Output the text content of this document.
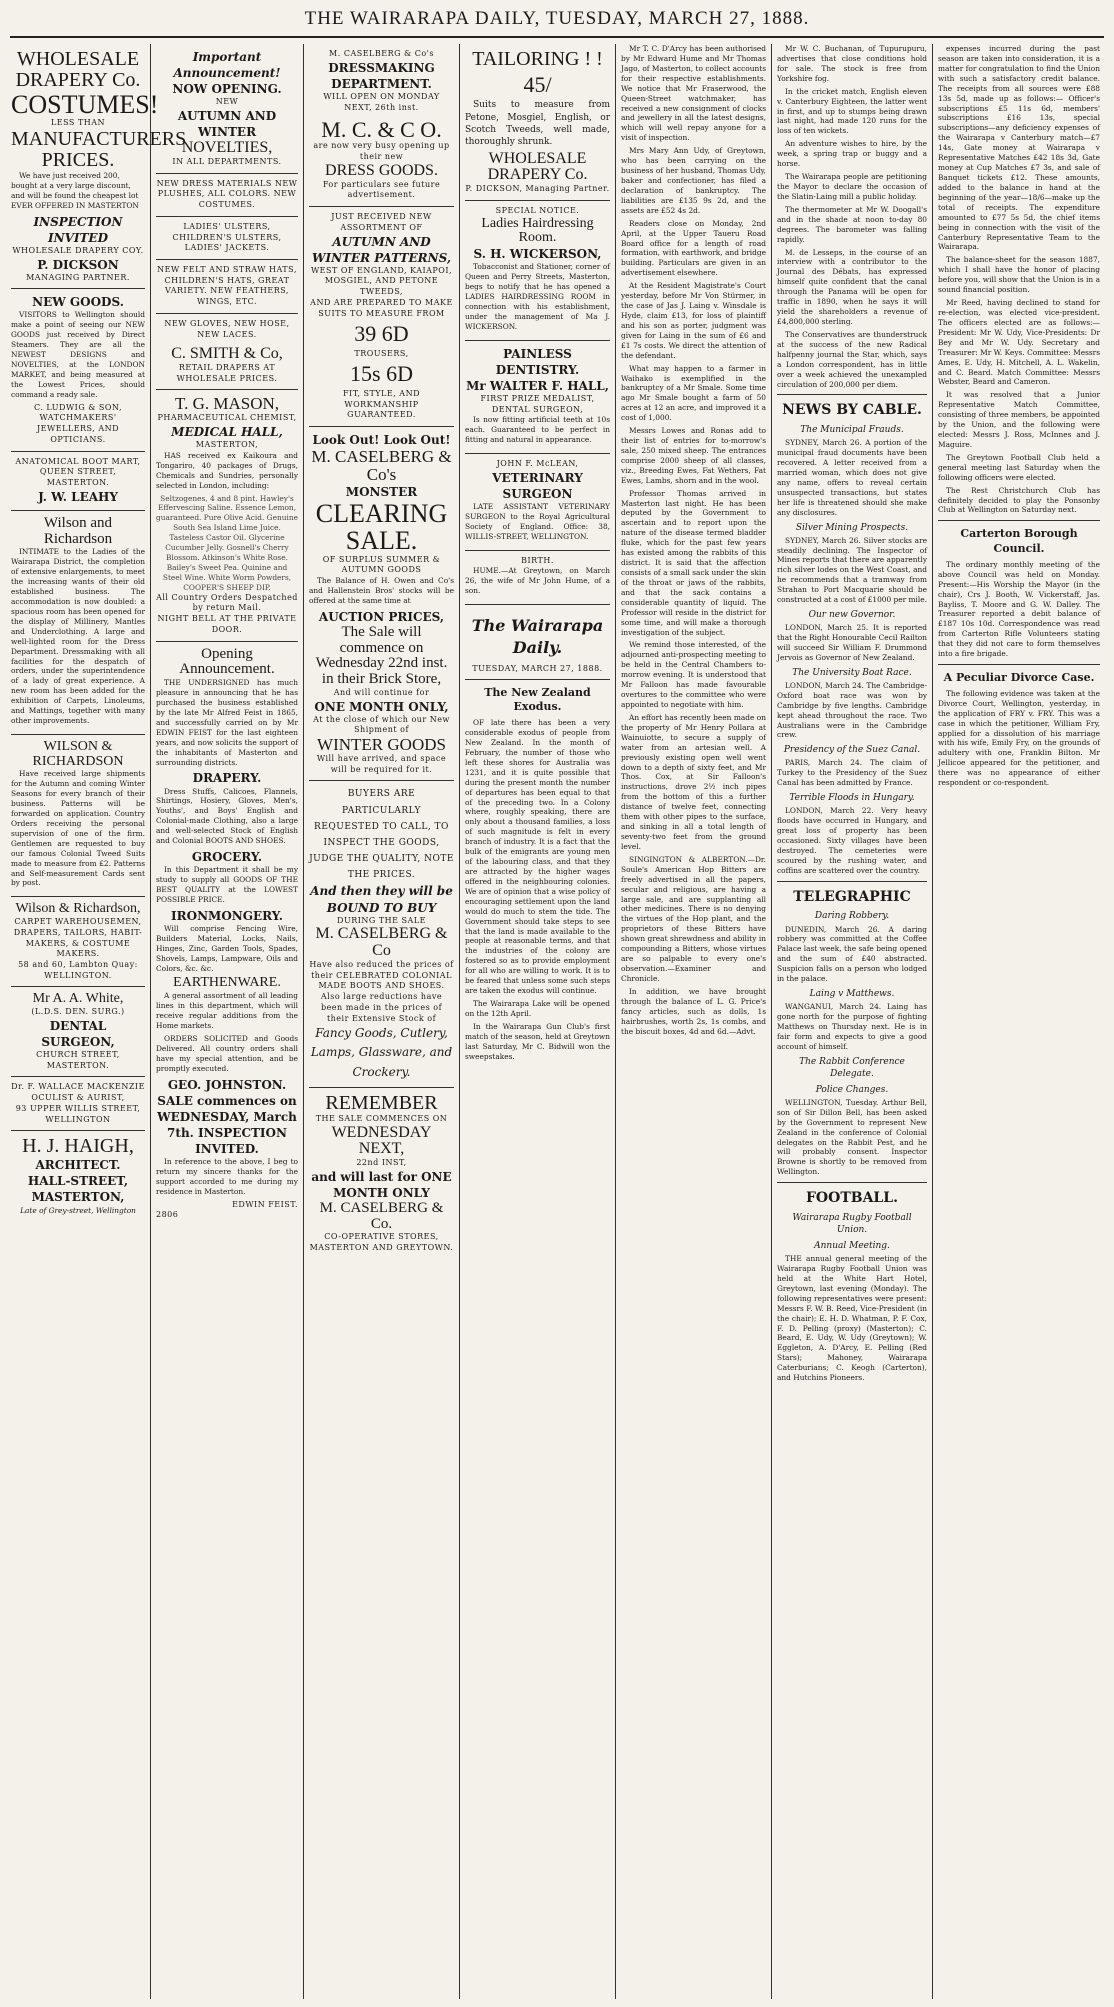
THE WAIRARAPA DAILY, TUESDAY, MARCH 27, 1888.
WHOLESALE DRAPERY Co.
COSTUMES!
LESS THAN
MANUFACTURERS PRICES.
We have just received 200, bought at a very large discount, and will be found the cheapest lot EVER OFFERED IN MASTERTON
INSPECTION INVITED
WHOLESALE DRAPERY COY.
P. DICKSON
MANAGING PARTNER.
NEW GOODS.
VISITORS to Wellington should make a point of seeing our NEW GOODS just received by Direct Steamers. They are all the NEWEST DESIGNS and NOVELTIES, at the LONDON MARKET, and being measured at the Lowest Prices, should command a ready sale.
C. LUDWIG & SON, WATCHMAKERS' JEWELLERS, AND OPTICIANS.
ANATOMICAL BOOT MART, QUEEN STREET, MASTERTON.
J. W. LEAHY
Wilson and Richardson
INTIMATE to the Ladies of the Wairarapa District, the completion of extensive enlargements, to meet the increasing wants of their old established business. The accommodation is now doubled: a spacious room has been opened for the display of Millinery, Mantles and Underclothing. A large and well-lighted room for the Dress Department. Dressmaking with all facilities for the despatch of orders, under the superintendence of a lady of great experience. A new room has been added for the exhibition of Carpets, Linoleums, and Mattings, together with many other improvements.
WILSON & RICHARDSON
Have received large shipments for the Autumn and coming Winter Seasons for every branch of their business. Patterns will be forwarded on application. Country Orders receiving the personal supervision of one of the firm. Gentlemen are requested to buy our famous Colonial Tweed Suits made to measure from £2. Patterns and Self-measurement Cards sent by post.
Wilson & Richardson,
CARPET WAREHOUSEMEN, DRAPERS, TAILORS, HABIT-MAKERS, & COSTUME MAKERS.
58 and 60, Lambton Quay: WELLINGTON.
Mr A. A. White,
(L.D.S. DEN. SURG.)
DENTAL SURGEON,
CHURCH STREET, MASTERTON.
Dr. F. WALLACE MACKENZIE OCULIST & AURIST,
93 UPPER WILLIS STREET, WELLINGTON
H. J. HAIGH,
ARCHITECT.
HALL-STREET, MASTERTON,
Late of Grey-street, Wellington
Important Announcement!
NOW OPENING.
NEW
AUTUMN AND WINTER
NOVELTIES,
IN ALL DEPARTMENTS.
NEW DRESS MATERIALS NEW PLUSHES, ALL COLORS. NEW COSTUMES.
LADIES' ULSTERS, CHILDREN'S ULSTERS, LADIES' JACKETS.
NEW FELT AND STRAW HATS, CHILDREN'S HATS, GREAT VARIETY. NEW FEATHERS, WINGS, ETC.
NEW GLOVES, NEW HOSE, NEW LACES.
C. SMITH & Co,
RETAIL DRAPERS AT WHOLESALE PRICES.
T. G. MASON,
PHARMACEUTICAL CHEMIST,
MEDICAL HALL,
MASTERTON,
HAS received ex Kaikoura and Tongariro, 40 packages of Drugs, Chemicals and Sundries, personally selected in London, including:
Seltzogenes, 4 and 8 pint. Hawley's Effervescing Saline. Essence Lemon, guaranteed. Pure Olive Acid. Genuine South Sea Island Lime Juice. Tasteless Castor Oil. Glycerine Cucumber Jelly. Gosnell's Cherry Blossom. Atkinson's White Rose. Bailey's Sweet Pea. Quinine and Steel Wine. White Worm Powders, COOPER'S SHEEP DIP.
All Country Orders Despatched by return Mail.
NIGHT BELL AT THE PRIVATE DOOR.
Opening Announcement.
THE UNDERSIGNED has much pleasure in announcing that he has purchased the business established by the late Mr Alfred Feist in 1865, and successfully carried on by Mr EDWIN FEIST for the last eighteen years, and now solicits the support of the inhabitants of Masterton and surrounding districts.
DRAPERY.
Dress Stuffs, Calicoes, Flannels, Shirtings, Hosiery, Gloves, Men's, Youths', and Boys' English and Colonial-made Clothing, also a large and well-selected Stock of English and Colonial BOOTS AND SHOES.
GROCERY.
In this Department it shall be my study to supply all GOODS OF THE BEST QUALITY at the LOWEST POSSIBLE PRICE.
IRONMONGERY.
Will comprise Fencing Wire, Builders Material, Locks, Nails, Hinges, Zinc, Garden Tools, Spades, Shovels, Lamps, Lampware, Oils and Colors, &c. &c.
EARTHENWARE.
A general assortment of all leading lines in this department, which will receive regular additions from the Home markets.
ORDERS SOLICITED and Goods Delivered. All country orders shall have my special attention, and be promptly executed.
GEO. JOHNSTON.
SALE commences on WEDNESDAY, March 7th. INSPECTION INVITED.
In reference to the above, I beg to return my sincere thanks for the support accorded to me during my residence in Masterton.
EDWIN FEIST.
2806
M. CASELBERG & Co's
DRESSMAKING DEPARTMENT.
WILL OPEN ON MONDAY NEXT, 26th inst.
M. C. & C O.
are now very busy opening up their new
DRESS GOODS.
For particulars see future advertisement.
JUST RECEIVED NEW ASSORTMENT OF
AUTUMN AND WINTER PATTERNS,
WEST OF ENGLAND, KAIAPOI, MOSGIEL, AND PETONE TWEEDS,
AND ARE PREPARED TO MAKE SUITS TO MEASURE FROM
39 6D
TROUSERS,
15s 6D
FIT, STYLE, AND WORKMANSHIP GUARANTEED.
Look Out! Look Out!
M. CASELBERG & Co's
MONSTER
CLEARING
SALE.
OF SURPLUS SUMMER & AUTUMN GOODS
The Balance of H. Owen and Co's and Hallenstein Bros' stocks will be offered at the same time at
AUCTION PRICES,
The Sale will commence on Wednesday 22nd inst. in their Brick Store,
And will continue for
ONE MONTH ONLY,
At the close of which our New Shipment of
WINTER GOODS
Will have arrived, and space will be required for it.
BUYERS ARE PARTICULARLY REQUESTED TO CALL, TO INSPECT THE GOODS, JUDGE THE QUALITY, NOTE THE PRICES.
And then they will be BOUND TO BUY
DURING THE SALE
M. CASELBERG & Co
Have also reduced the prices of their CELEBRATED COLONIAL MADE BOOTS AND SHOES.
Also large reductions have been made in the prices of their Extensive Stock of
Fancy Goods, Cutlery, Lamps, Glassware, and Crockery.
REMEMBER
THE SALE COMMENCES ON
WEDNESDAY NEXT,
22nd INST,
and will last for ONE MONTH ONLY
M. CASELBERG & Co.
CO-OPERATIVE STORES, MASTERTON AND GREYTOWN.
TAILORING ! !
45/
Suits to measure from Petone, Mosgiel, English, or Scotch Tweeds, well made, thoroughly shrunk.
WHOLESALE DRAPERY Co.
P. DICKSON, Managing Partner.
SPECIAL NOTICE.
Ladies Hairdressing Room.
S. H. WICKERSON,
Tobacconist and Stationer, corner of Queen and Perry Streets, Masterton, begs to notify that he has opened a LADIES HAIRDRESSING ROOM in connection with his establishment, under the management of Ma J. WICKERSON.
PAINLESS DENTISTRY.
Mr WALTER F. HALL,
FIRST PRIZE MEDALIST, DENTAL SURGEON,
Is now fitting artificial teeth at 10s each. Guaranteed to be perfect in fitting and natural in appearance.
JOHN F. McLEAN,
VETERINARY SURGEON
LATE ASSISTANT VETERINARY SURGEON to the Royal Agricultural Society of England. Office: 38, WILLIS-STREET, WELLINGTON.
BIRTH.
HUME.—At Greytown, on March 26, the wife of Mr John Hume, of a son.
The Wairarapa Daily.
TUESDAY, MARCH 27, 1888.
The New Zealand Exodus.
OF late there has been a very considerable exodus of people from New Zealand. In the month of February, the number of those who left these shores for Australia was 1231, and it is quite possible that during the present month the number of departures has been equal to that of the preceding two. In a Colony where, roughly speaking, there are only about a thousand families, a loss of such magnitude is felt in every branch of industry. It is a fact that the bulk of the emigrants are young men of the labouring class, and that they are attracted by the higher wages offered in the neighbouring colonies. We are of opinion that a wise policy of encouraging settlement upon the land would do much to stem the tide. The Government should take steps to see that the land is made available to the people at reasonable terms, and that the industries of the colony are fostered so as to provide employment for all who are willing to work. It is to be feared that unless some such steps are taken the exodus will continue.
The Wairarapa Lake will be opened on the 12th April.
In the Wairarapa Gun Club's first match of the season, held at Greytown last Saturday, Mr C. Bidwill won the sweepstakes.
Mr T. C. D'Arcy has been authorised by Mr Edward Hume and Mr Thomas Jago, of Masterton, to collect accounts for their respective establishments. We notice that Mr Fraserwood, the Queen-Street watchmaker, has received a new consignment of clocks and jewellery in all the latest designs, which will well repay anyone for a visit of inspection.
Mrs Mary Ann Udy, of Greytown, who has been carrying on the business of her husband, Thomas Udy, baker and confectioner, has filed a declaration of bankruptcy. The liabilities are £135 9s 2d, and the assets are £52 4s 2d.
Readers close on Monday, 2nd April, at the Upper Taueru Road Board office for a length of road formation, with earthwork, and bridge building. Particulars are given in an advertisement elsewhere.
At the Resident Magistrate's Court yesterday, before Mr Von Stürmer, in the case of Jas J. Laing v. Winsdale is Hyde, claim £13, for loss of plaintiff and his son as porter, judgment was given for Laing in the sum of £6 and £1 7s costs. We direct the attention of the defendant.
What may happen to a farmer in Waihako is exemplified in the bankruptcy of a Mr Smale. Some time ago Mr Smale bought a farm of 50 acres at 12 an acre, and improved it a cost of 1,000.
Messrs Lowes and Ronas add to their list of entries for to-morrow's sale, 250 mixed sheep. The entrances comprise 2000 sheep of all classes, viz., Breeding Ewes, Fat Wethers, Fat Ewes, Lambs, shorn and in the wool.
Professor Thomas arrived in Masterton last night. He has been deputed by the Government to ascertain and to report upon the nature of the disease termed bladder fluke, which for the past few years has existed among the rabbits of this district. It is said that the affection consists of a small sack under the skin of the throat or jaws of the rabbits, and that the sack contains a considerable quantity of liquid. The Professor will reside in the district for some time, and will make a thorough investigation of the subject.
We remind those interested, of the adjourned anti-prospecting meeting to be held in the Central Chambers to-morrow evening. It is understood that Mr Falloon has made favourable overtures to the committee who were appointed to negotiate with him.
An effort has recently been made on the property of Mr Henry Pollara at Wainuiotte, to secure a supply of water from an artesian well. A previously existing open well went down to a depth of sixty feet, and Mr Thos. Cox, at Sir Falloon's instructions, drove 2½ inch pipes from the bottom of this a further distance of twelve feet, connecting them with other pipes to the surface, and sinking in all a total length of seventy-two feet from the ground level.
SINGINGTON & ALBERTON.—Dr. Soule's American Hop Bitters are freely advertised in all the papers, secular and religious, are having a large sale, and are supplanting all other medicines. There is no denying the virtues of the Hop plant, and the proprietors of these Bitters have shown great shrewdness and ability in compounding a Bitters, whose virtues are so palpable to every one's observation.—Examiner and Chronicle.
In addition, we have brought through the balance of L. G. Price's fancy articles, such as dolls, 1s hairbrushes, worth 2s, 1s combs, and the biscuit boxes, 4d and 6d.—Advt.
Mr W. C. Buchanan, of Tupurupuru, advertises that close conditions hold for sale. The stock is free from Yorkshire fog.
In the cricket match, English eleven v. Canterbury Eighteen, the latter went in first, and up to stumps being drawn last night, had made 120 runs for the loss of ten wickets.
An adventure wishes to hire, by the week, a spring trap or buggy and a horse.
The Wairarapa people are petitioning the Mayor to declare the occasion of the Slatin-Laing mill a public holiday.
The thermometer at Mr W. Doogall's and in the shade at noon to-day 80 degrees. The barometer was falling rapidly.
M. de Lesseps, in the course of an interview with a contributor to the Journal des Débats, has expressed himself quite confident that the canal through the Panama will be open for traffic in 1890, when he says it will yield the shareholders a revenue of £4,800,000 sterling.
The Conservatives are thunderstruck at the success of the new Radical halfpenny journal the Star, which, says a London correspondent, has in little over a week achieved the unexampled circulation of 200,000 per diem.
NEWS BY CABLE.
The Municipal Frauds.
SYDNEY, March 26. A portion of the municipal fraud documents have been recovered. A letter received from a married woman, which does not give any name, offers to reveal certain unsuspected transactions, but states her life is threatened should she make any disclosures.
Silver Mining Prospects.
SYDNEY, March 26. Silver stocks are steadily declining. The Inspector of Mines reports that there are apparently rich silver lodes on the West Coast, and he recommends that a tramway from Strahan to Port Macquarie should be constructed at a cost of £1000 per mile.
Our new Governor.
LONDON, March 25. It is reported that the Right Honourable Cecil Railton will succeed Sir William F. Drummond Jervois as Governor of New Zealand.
The University Boat Race.
LONDON, March 24. The Cambridge-Oxford boat race was won by Cambridge by five lengths. Cambridge kept ahead throughout the race. Two Australians were in the Cambridge crew.
Presidency of the Suez Canal.
PARIS, March 24. The claim of Turkey to the Presidency of the Suez Canal has been admitted by France.
Terrible Floods in Hungary.
LONDON, March 22. Very heavy floods have occurred in Hungary, and great loss of property has been occasioned. Sixty villages have been destroyed. The cemeteries were scoured by the rushing water, and coffins are scattered over the country.
TELEGRAPHIC
Daring Robbery.
DUNEDIN, March 26. A daring robbery was committed at the Coffee Palace last week, the safe being opened and the sum of £40 abstracted. Suspicion falls on a person who lodged in the palace.
Laing v Matthews.
WANGANUI, March 24. Laing has gone north for the purpose of fighting Matthews on Thursday next. He is in fair form and expects to give a good account of himself.
The Rabbit Conference Delegate.
Police Changes.
WELLINGTON, Tuesday. Arthur Bell, son of Sir Dillon Bell, has been asked by the Government to represent New Zealand in the conference of Colonial delegates on the Rabbit Pest, and he will probably consent. Inspector Browne is shortly to be removed from Wellington.
FOOTBALL.
Wairarapa Rugby Football Union.
Annual Meeting.
THE annual general meeting of the Wairarapa Rugby Football Union was held at the White Hart Hotel, Greytown, last evening (Monday). The following representatives were present: Messrs F. W. B. Reed, Vice-President (in the chair); E. H. D. Whatman, P. F. Cox, F. D. Pelling (proxy) (Masterton); C. Beard, E. Udy, W. Udy (Greytown); W. Eggleton, A. D'Arcy, E. Pelling (Red Stars); Mahoney, Wairarapa Caterburians; C. Keogh (Carterton), and Hutchins Pioneers.
expenses incurred during the past season are taken into consideration, it is a matter for congratulation to find the Union with such a satisfactory credit balance. The receipts from all sources were £88 13s 5d, made up as follows:— Officer's subscriptions £5 11s 6d, members' subscriptions £16 13s, special subscriptions—any deficiency expenses of the Wairarapa v Canterbury match—£7 14s, Gate money at Wairarapa v Representative Matches £42 18s 3d, Gate money at Cup Matches £7 3s, and sale of Banquet tickets £12. These amounts, added to the balance in hand at the beginning of the year—18/6—make up the total of receipts. The expenditure amounted to £77 5s 5d, the chief items being in connection with the visit of the Canterbury Representative Team to the Wairarapa.
The balance-sheet for the season 1887, which I shall have the honor of placing before you, will show that the Union is in a sound financial position.
Mr Reed, having declined to stand for re-election, was elected vice-president. The officers elected are as follows:— President: Mr W. Udy, Vice-Presidents: Dr Bey and Mr W. Udy. Secretary and Treasurer: Mr W. Keys. Committee: Messrs Ames, E. Udy, H. Mitchell, A. L. Wakelin, and C. Beard. Match Committee: Messrs Webster, Beard and Cameron.
It was resolved that a Junior Representative Match Committee, consisting of three members, be appointed by the Union, and the following were elected: Messrs J. Ross, McInnes and J. Maguire.
The Greytown Football Club held a general meeting last Saturday when the following officers were elected.
The Rest Christchurch Club has definitely decided to play the Ponsonby Club at Wellington on Saturday next.
Carterton Borough Council.
The ordinary monthly meeting of the above Council was held on Monday. Present:—His Worship the Mayor (in the chair), Crs J. Booth, W. Vickerstaff, Jas. Bayliss, T. Moore and G. W. Dalley. The Treasurer reported a debit balance of £187 10s 10d. Correspondence was read from Carterton Rifle Volunteers stating that they did not care to form themselves into a fire brigade.
A Peculiar Divorce Case.
The following evidence was taken at the Divorce Court, Wellington, yesterday, in the application of FRY v. FRY. This was a case in which the petitioner, William Fry, applied for a dissolution of his marriage with his wife, Emily Fry, on the grounds of adultery with one, Franklin Bilton. Mr Jellicoe appeared for the petitioner, and there was no appearance of either respondent or co-respondent.
